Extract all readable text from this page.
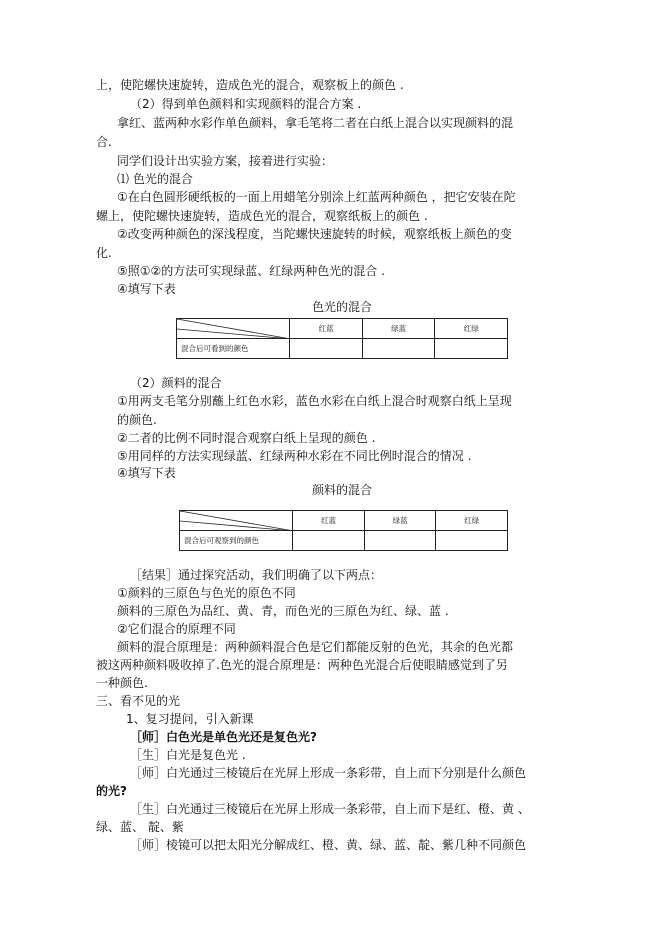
上，使陀螺快速旋转，造成色光的混合，观察板上的颜色 .
（2）得到单色颜料和实现颜料的混合方案 .
拿红、蓝两种水彩作单色颜料，拿毛笔将二者在白纸上混合以实现颜料的混
合.
同学们设计出实验方案，接着进行实验：
⑴ 色光的混合
①在白色圆形硬纸板的一面上用蜡笔分别涂上红蓝两种颜色 ，把它安装在陀
螺上，使陀螺快速旋转，造成色光的混合，观察纸板上的颜色 .
②改变两种颜色的深浅程度，当陀螺快速旋转的时候，观察纸板上颜色的变
化.
⑤照①②的方法可实现绿蓝、红绿两种色光的混合 .
④填写下表
色光的混合
	红蓝	绿蓝	红绿
混合后可看到的颜色			
（2）颜料的混合
①用两支毛笔分别蘸上红色水彩，蓝色水彩在白纸上混合时观察白纸上呈现
的颜色.
②二者的比例不同时混合观察白纸上呈现的颜色 .
⑤用同样的方法实现绿蓝、红绿两种水彩在不同比例时混合的情况 .
④填写下表
颜料的混合
	红蓝	绿蓝	红绿
混合后可观察到的颜色			
［结果］通过探究活动，我们明确了以下两点：
①颜料的三原色与色光的原色不同
颜料的三原色为品红、黄、青，而色光的三原色为红、绿、蓝 .
②它们混合的原理不同
颜料的混合原理是：两种颜料混合色是它们都能反射的色光，其余的色光都
被这两种颜料吸收掉了.色光的混合原理是：两种色光混合后使眼睛感觉到了另
一种颜色.
三、看不见的光
1、复习提问，引入新课
［师］白色光是单色光还是复色光?
［生］白光是复色光 .
［师］白光通过三棱镜后在光屏上形成一条彩带，自上而下分别是什么颜色
的光?
［生］白光通过三棱镜后在光屏上形成一条彩带，自上而下是红、橙、黄 、
绿、蓝、 靛、紫
［师］棱镜可以把太阳光分解成红、橙、黄、绿、蓝、靛、紫几种不同颜色
